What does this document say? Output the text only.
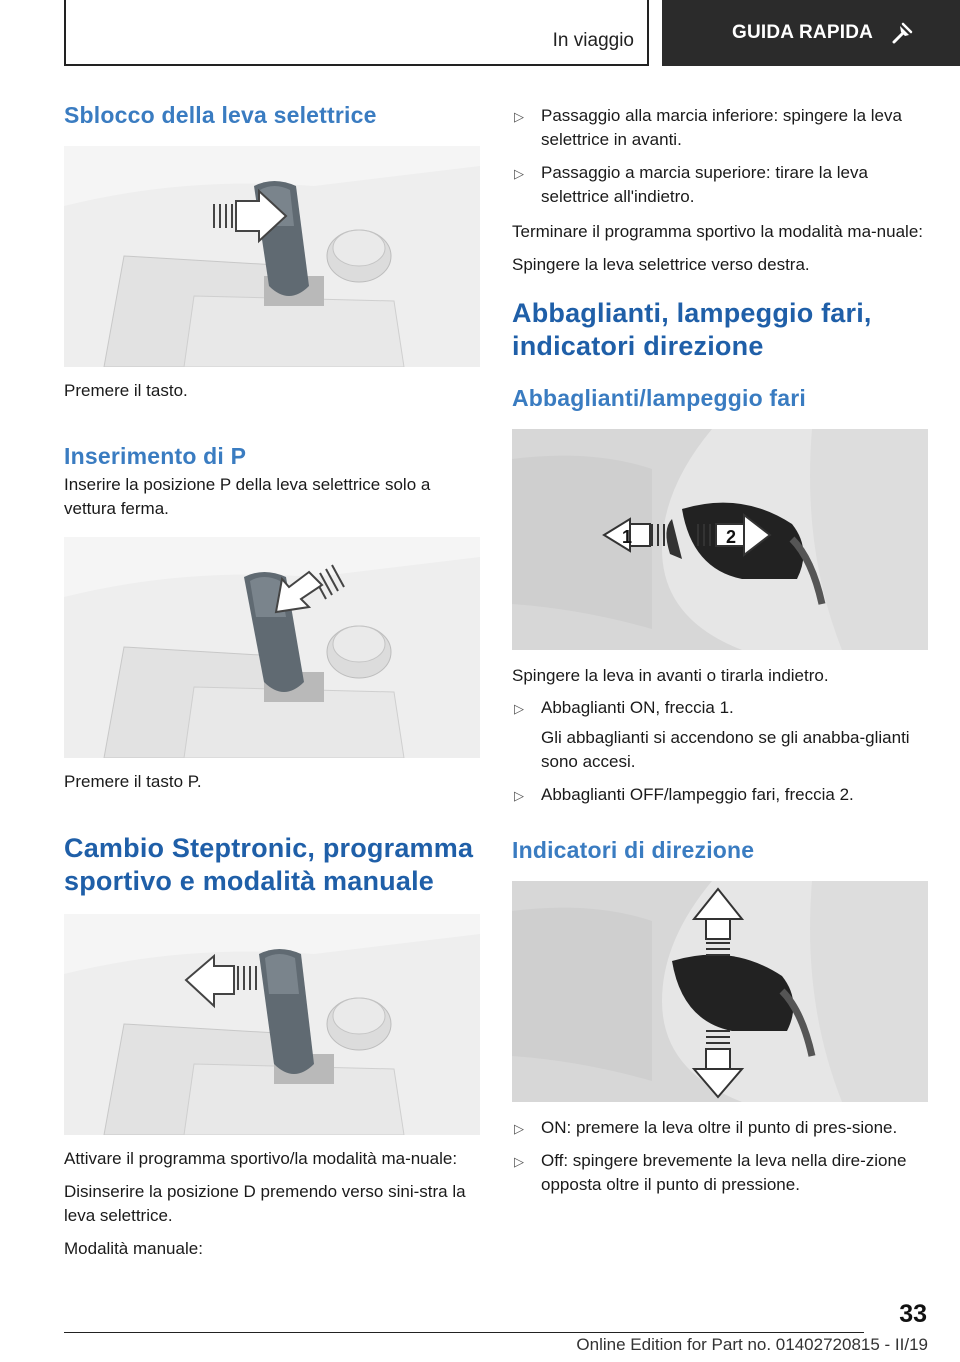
In viaggio	GUIDA RAPIDA
Sblocco della leva selettrice

Premere il tasto.

Inserimento di P

Inserire la posizione P della leva selettrice solo a vettura ferma.

Premere il tasto P.

Cambio Steptronic, programma sportivo e modalità manuale

Attivare il programma sportivo/la modalità ma-nuale:

Disinserire la posizione D premendo verso sini-stra la leva selettrice.

Modalità manuale:

▷ Passaggio alla marcia inferiore: spingere la leva selettrice in avanti.
▷ Passaggio a marcia superiore: tirare la leva selettrice all'indietro.

Terminare il programma sportivo la modalità ma-nuale:

Spingere la leva selettrice verso destra.

Abbaglianti, lampeggio fari, indicatori direzione
Abbaglianti/lampeggio fari
1	2

Spingere la leva in avanti o tirarla indietro.

▷ Abbaglianti ON, freccia 1.
Gli abbaglianti si accendono se gli anabba-glianti sono accesi.
▷ Abbaglianti OFF/lampeggio fari, freccia 2.
Indicatori di direzione
▷ ON: premere la leva oltre il punto di pres-sione.
▷ Off: spingere brevemente la leva nella dire-zione opposta oltre il punto di pressione.
33
Online Edition for Part no. 01402720815 - II/19
